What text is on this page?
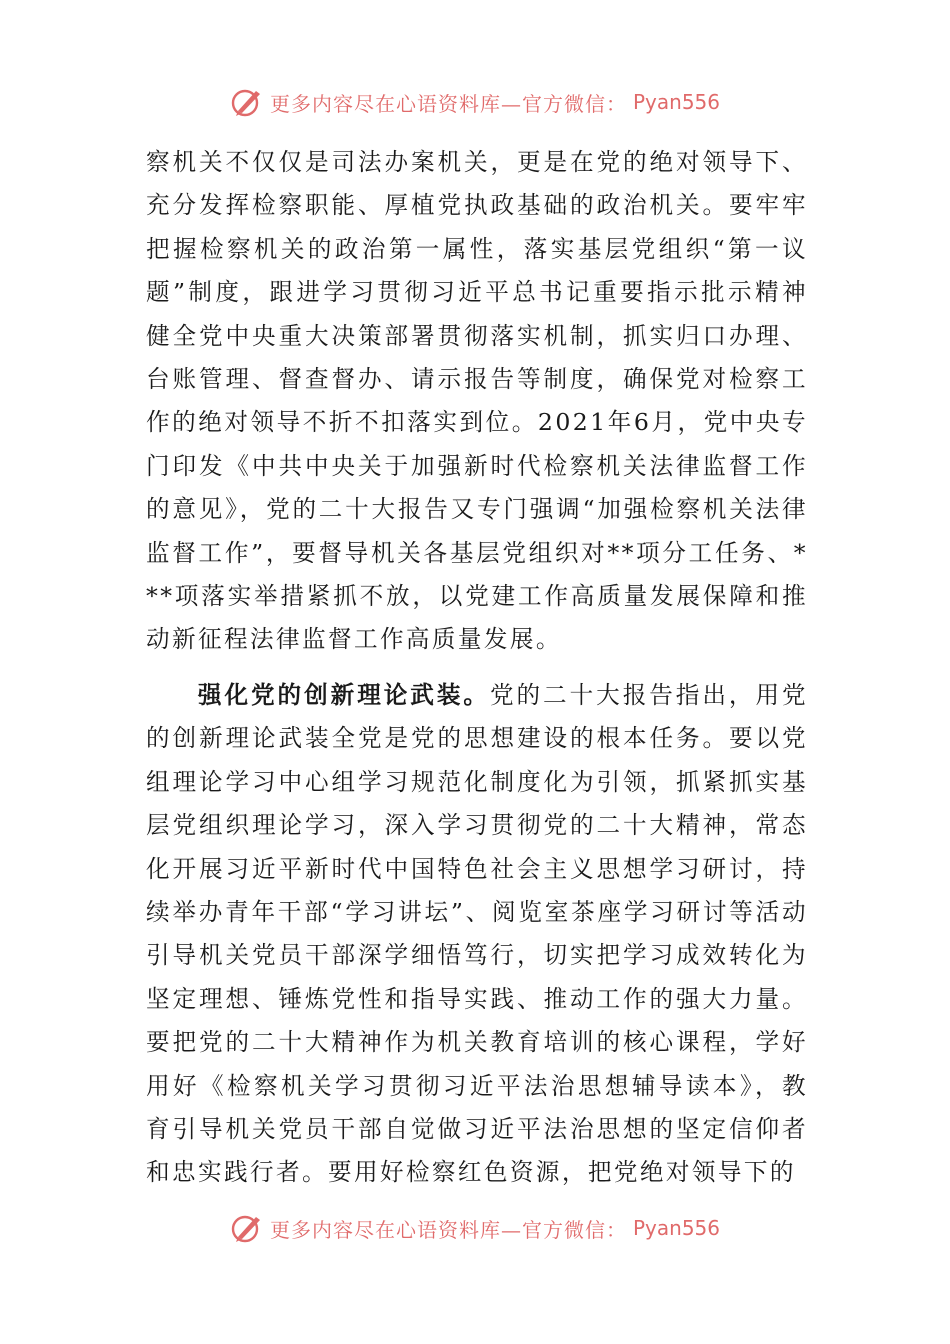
更多内容尽在心语资料库—官方微信： Pyan556

察机关不仅仅是司法办案机关，更是在党的绝对领导下、充分发挥检察职能、厚植党执政基础的政治机关。要牢牢把握检察机关的政治第一属性，落实基层党组织“第一议题”制度，跟进学习贯彻习近平总书记重要指示批示精神健全党中央重大决策部署贯彻落实机制，抓实归口办理、台账管理、督查督办、请示报告等制度，确保党对检察工作的绝对领导不折不扣落实到位。2021年6月，党中央专门印发《中共中央关于加强新时代检察机关法律监督工作的意见》，党的二十大报告又专门强调“加强检察机关法律监督工作”，要督导机关各基层党组织对**项分工任务、***项落实举措紧抓不放，以党建工作高质量发展保障和推动新征程法律监督工作高质量发展。

强化党的创新理论武装。党的二十大报告指出，用党的创新理论武装全党是党的思想建设的根本任务。要以党组理论学习中心组学习规范化制度化为引领，抓紧抓实基层党组织理论学习，深入学习贯彻党的二十大精神，常态化开展习近平新时代中国特色社会主义思想学习研讨，持续举办青年干部“学习讲坛”、阅览室茶座学习研讨等活动引导机关党员干部深学细悟笃行，切实把学习成效转化为坚定理想、锤炼党性和指导实践、推动工作的强大力量。要把党的二十大精神作为机关教育培训的核心课程，学好用好《检察机关学习贯彻习近平法治思想辅导读本》，教育引导机关党员干部自觉做习近平法治思想的坚定信仰者和忠实践行者。要用好检察红色资源，把党绝对领导下的

更多内容尽在心语资料库—官方微信： Pyan556
